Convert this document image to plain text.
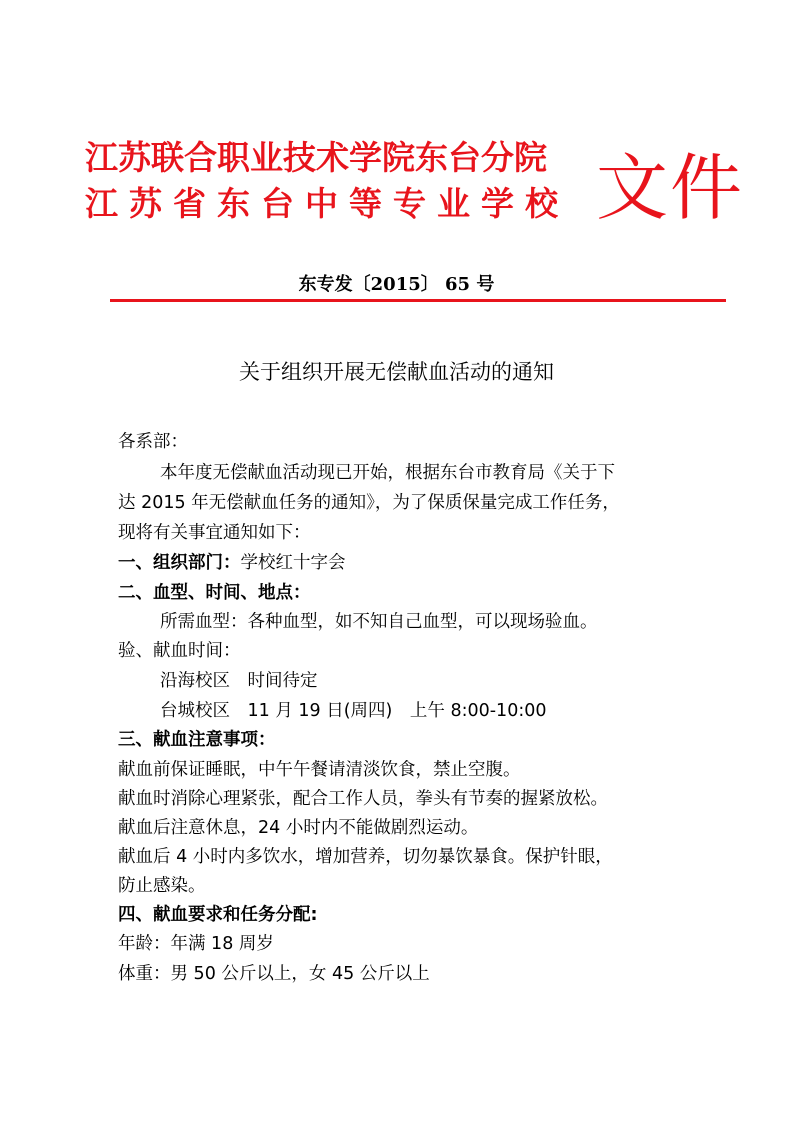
江苏联合职业技术学院东台分院
江苏省东台中等专业学校 文件
东专发〔2015〕 65 号
关于组织开展无偿献血活动的通知
各系部：
本年度无偿献血活动现已开始，根据东台市教育局《关于下
达 2015 年无偿献血任务的通知》，为了保质保量完成工作任务，
现将有关事宜通知如下：
一、组织部门：学校红十字会
二、血型、时间、地点：
所需血型：各种血型，如不知自己血型，可以现场验血。
验、献血时间：
沿海校区　时间待定
台城校区　11 月 19 日(周四)　上午 8:00-10:00
三、献血注意事项：
献血前保证睡眠，中午午餐请清淡饮食，禁止空腹。
献血时消除心理紧张，配合工作人员，拳头有节奏的握紧放松。
献血后注意休息，24 小时内不能做剧烈运动。
献血后 4 小时内多饮水，增加营养，切勿暴饮暴食。保护针眼，
防止感染。
四、献血要求和任务分配:
年龄：年满 18 周岁
体重：男 50 公斤以上，女 45 公斤以上
